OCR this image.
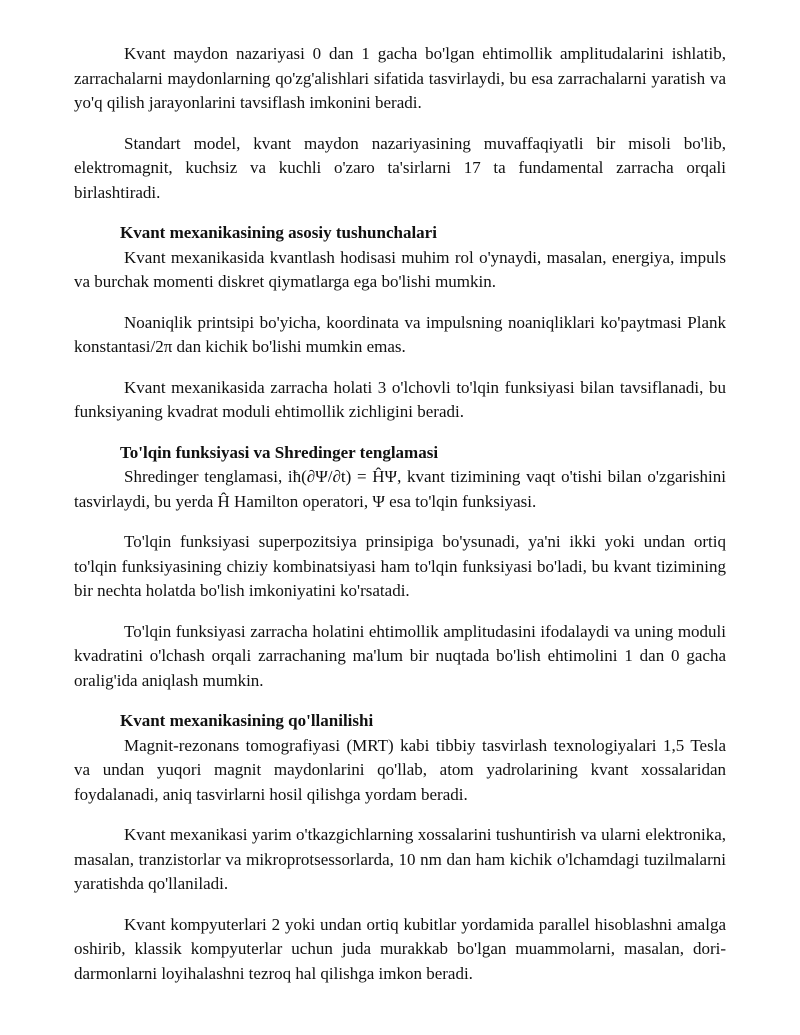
Kvant maydon nazariyasi 0 dan 1 gacha bo'lgan ehtimollik amplitudalarini ishlatib, zarrachalarni maydonlarning qo'zg'alishlari sifatida tasvirlaydi, bu esa zarrachalarni yaratish va yo'q qilish jarayonlarini tavsiflash imkonini beradi.

Standart model, kvant maydon nazariyasining muvaffaqiyatli bir misoli bo'lib, elektromagnit, kuchsiz va kuchli o'zaro ta'sirlarni 17 ta fundamental zarracha orqali birlashtiradi.

Kvant mexanikasining asosiy tushunchalari

Kvant mexanikasida kvantlash hodisasi muhim rol o'ynaydi, masalan, energiya, impuls va burchak momenti diskret qiymatlarga ega bo'lishi mumkin.

Noaniqlik printsipi bo'yicha, koordinata va impulsning noaniqliklari ko'paytmasi Plank konstantasi/2π dan kichik bo'lishi mumkin emas.

Kvant mexanikasida zarracha holati 3 o'lchovli to'lqin funksiyasi bilan tavsiflanadi, bu funksiyaning kvadrat moduli ehtimollik zichligini beradi.

To'lqin funksiyasi va Shredinger tenglamasi

Shredinger tenglamasi, iħ(∂Ψ/∂t) = ĤΨ, kvant tizimining vaqt o'tishi bilan o'zgarishini tasvirlaydi, bu yerda Ĥ Hamilton operatori, Ψ esa to'lqin funksiyasi.

To'lqin funksiyasi superpozitsiya prinsipiga bo'ysunadi, ya'ni ikki yoki undan ortiq to'lqin funksiyasining chiziy kombinatsiyasi ham to'lqin funksiyasi bo'ladi, bu kvant tizimining bir nechta holatda bo'lish imkoniyatini ko'rsatadi.

To'lqin funksiyasi zarracha holatini ehtimollik amplitudasini ifodalaydi va uning moduli kvadratini o'lchash orqali zarrachaning ma'lum bir nuqtada bo'lish ehtimolini 1 dan 0 gacha oralig'ida aniqlash mumkin.

Kvant mexanikasining qo'llanilishi

Magnit-rezonans tomografiyasi (MRT) kabi tibbiy tasvirlash texnologiyalari 1,5 Tesla va undan yuqori magnit maydonlarini qo'llab, atom yadrolarining kvant xossalaridan foydalanadi, aniq tasvirlarni hosil qilishga yordam beradi.

Kvant mexanikasi yarim o'tkazgichlarning xossalarini tushuntirish va ularni elektronika, masalan, tranzistorlar va mikroprotsessorlarda, 10 nm dan ham kichik o'lchamdagi tuzilmalarni yaratishda qo'llaniladi.

Kvant kompyuterlari 2 yoki undan ortiq kubitlar yordamida parallel hisoblashni amalga oshirib, klassik kompyuterlar uchun juda murakkab bo'lgan muammolarni, masalan, dori-darmonlarni loyihalashni tezroq hal qilishga imkon beradi.
